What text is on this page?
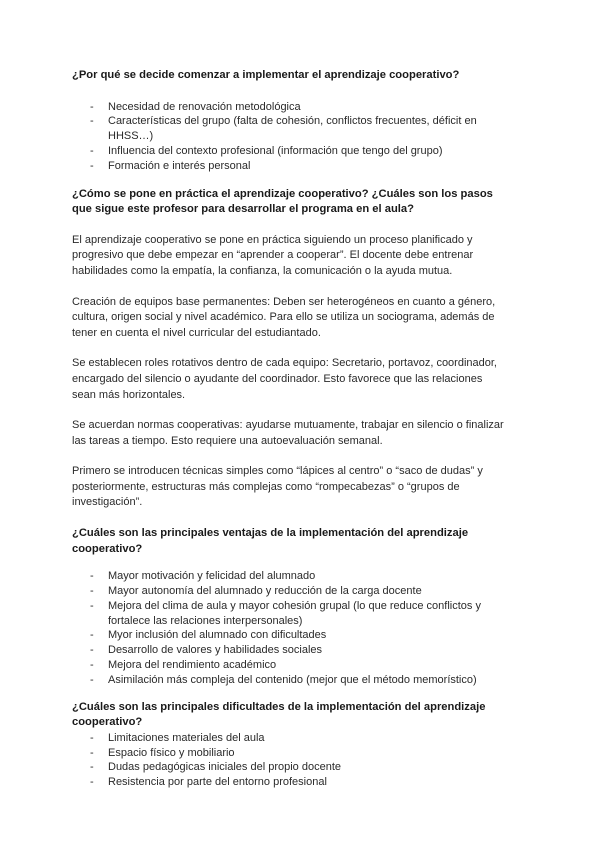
¿Por qué se decide comenzar a implementar el aprendizaje cooperativo?

- Necesidad de renovación metodológica
- Características del grupo (falta de cohesión, conflictos frecuentes, déficit en HHSS…)
- Influencia del contexto profesional (información que tengo del grupo)
- Formación e interés personal

¿Cómo se pone en práctica el aprendizaje cooperativo? ¿Cuáles son los pasos que sigue este profesor para desarrollar el programa en el aula?

El aprendizaje cooperativo se pone en práctica siguiendo un proceso planificado y progresivo que debe empezar en “aprender a cooperar”. El docente debe entrenar habilidades como la empatía, la confianza, la comunicación o la ayuda mutua.

Creación de equipos base permanentes: Deben ser heterogéneos en cuanto a género, cultura, origen social y nivel académico. Para ello se utiliza un sociograma, además de tener en cuenta el nivel curricular del estudiantado.

Se establecen roles rotativos dentro de cada equipo: Secretario, portavoz, coordinador, encargado del silencio o ayudante del coordinador. Esto favorece que las relaciones sean más horizontales.

Se acuerdan normas cooperativas: ayudarse mutuamente, trabajar en silencio o finalizar las tareas a tiempo. Esto requiere una autoevaluación semanal.

Primero se introducen técnicas simples como “lápices al centro” o “saco de dudas” y posteriormente, estructuras más complejas como “rompecabezas” o “grupos de investigación”.

¿Cuáles son las principales ventajas de la implementación del aprendizaje cooperativo?

- Mayor motivación y felicidad del alumnado
- Mayor autonomía del alumnado y reducción de la carga docente
- Mejora del clima de aula y mayor cohesión grupal (lo que reduce conflictos y fortalece las relaciones interpersonales)
- Myor inclusión del alumnado con dificultades
- Desarrollo de valores y habilidades sociales
- Mejora del rendimiento académico
- Asimilación más compleja del contenido (mejor que el método memorístico)

¿Cuáles son las principales dificultades de la implementación del aprendizaje cooperativo?

- Limitaciones materiales del aula
- Espacio físico y mobiliario
- Dudas pedagógicas iniciales del propio docente
- Resistencia por parte del entorno profesional
